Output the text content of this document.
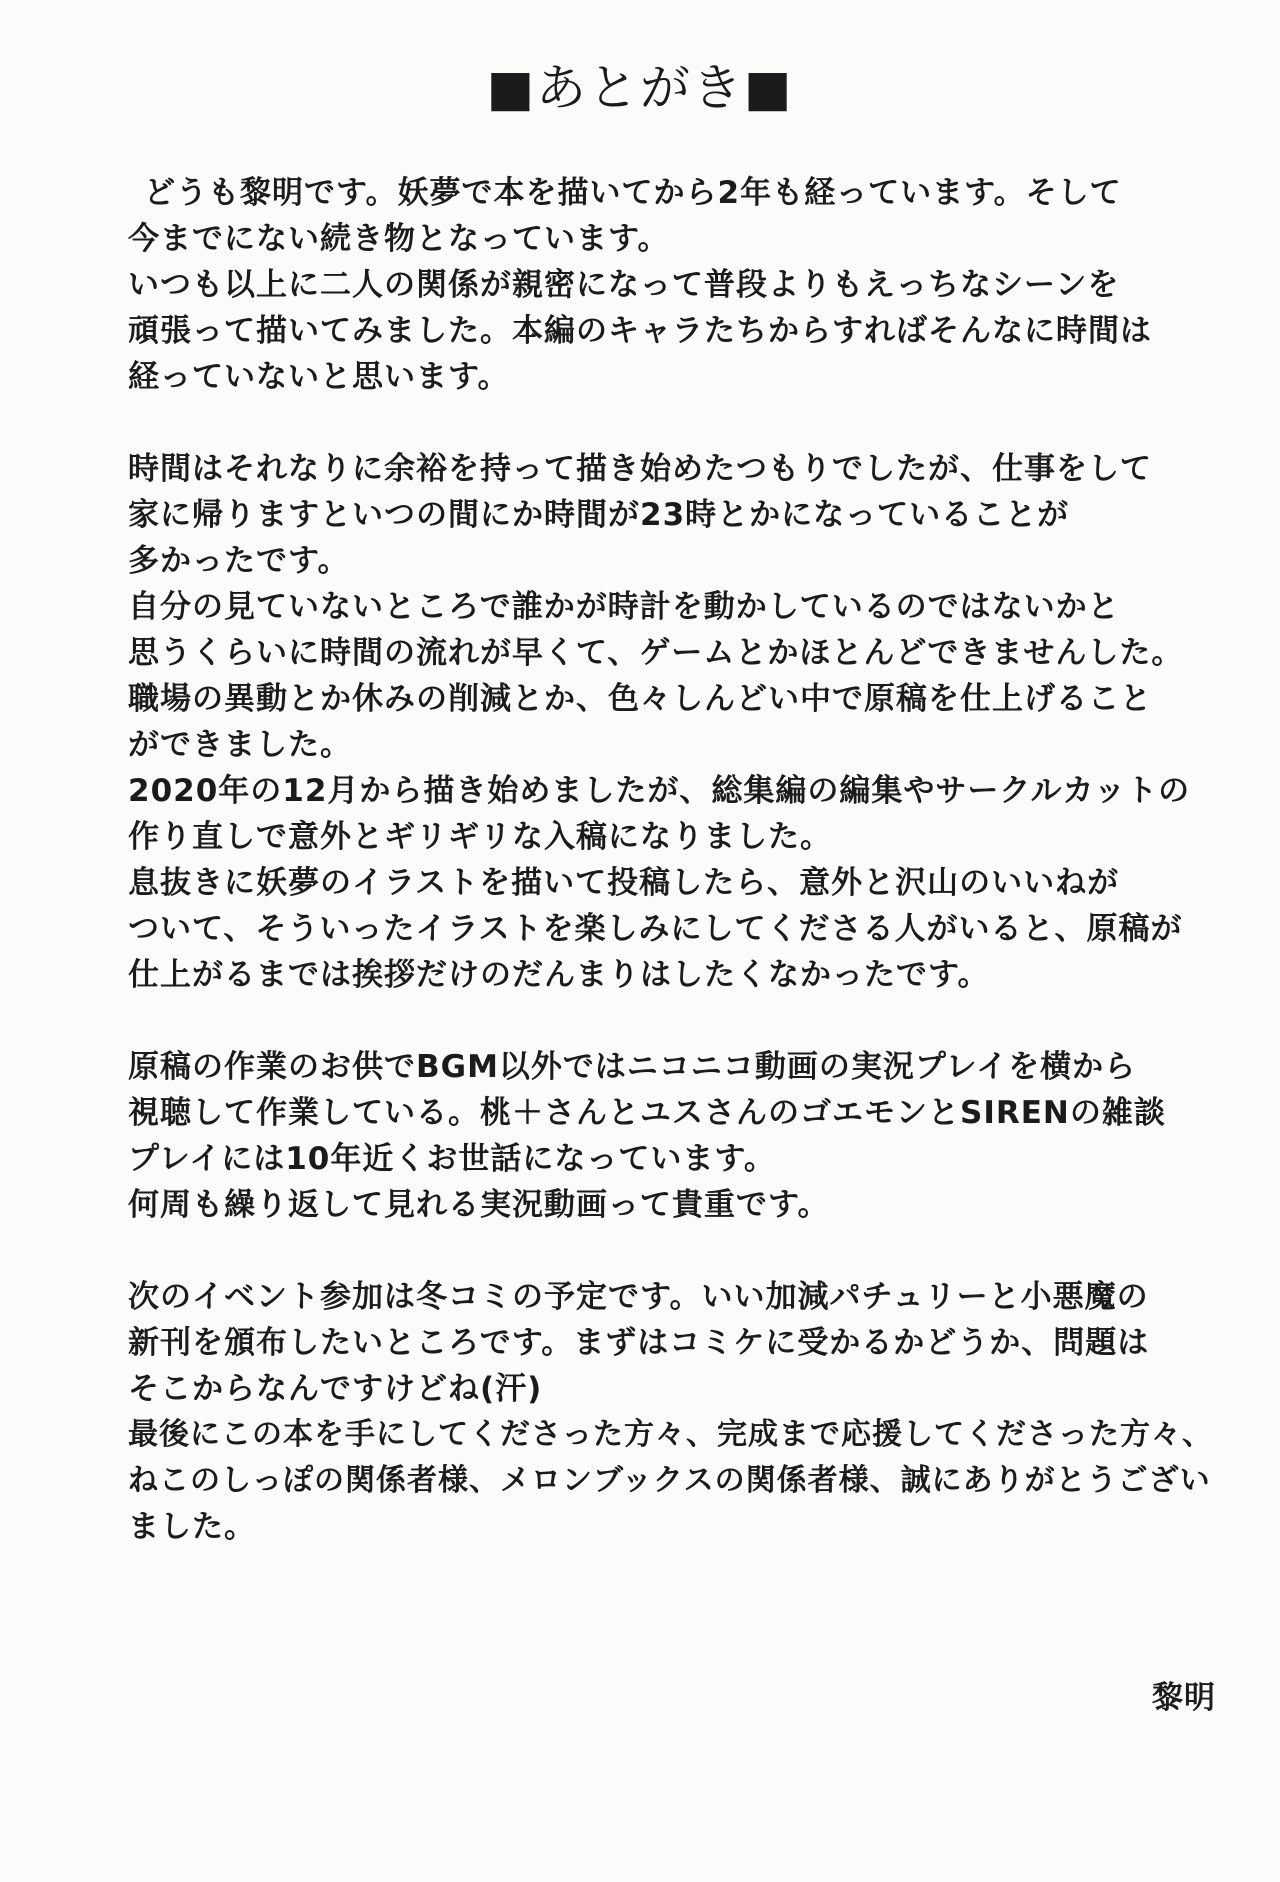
■あとがき■
どうも黎明です。妖夢で本を描いてから2年も経っています。そして
今までにない続き物となっています。
いつも以上に二人の関係が親密になって普段よりもえっちなシーンを
頑張って描いてみました。本編のキャラたちからすればそんなに時間は
経っていないと思います。
時間はそれなりに余裕を持って描き始めたつもりでしたが、仕事をして
家に帰りますといつの間にか時間が23時とかになっていることが
多かったです。
自分の見ていないところで誰かが時計を動かしているのではないかと
思うくらいに時間の流れが早くて、ゲームとかほとんどできませんした。
職場の異動とか休みの削減とか、色々しんどい中で原稿を仕上げること
ができました。
2020年の12月から描き始めましたが、総集編の編集やサークルカットの
作り直しで意外とギリギリな入稿になりました。
息抜きに妖夢のイラストを描いて投稿したら、意外と沢山のいいねが
ついて、そういったイラストを楽しみにしてくださる人がいると、原稿が
仕上がるまでは挨拶だけのだんまりはしたくなかったです。
原稿の作業のお供でBGM以外ではニコニコ動画の実況プレイを横から
視聴して作業している。桃＋さんとユスさんのゴエモンとSIRENの雑談
プレイには10年近くお世話になっています。
何周も繰り返して見れる実況動画って貴重です。
次のイベント参加は冬コミの予定です。いい加減パチュリーと小悪魔の
新刊を頒布したいところです。まずはコミケに受かるかどうか、問題は
そこからなんですけどね(汗)
最後にこの本を手にしてくださった方々、完成まで応援してくださった方々、
ねこのしっぽの関係者様、メロンブックスの関係者様、誠にありがとうござい
ました。
黎明
